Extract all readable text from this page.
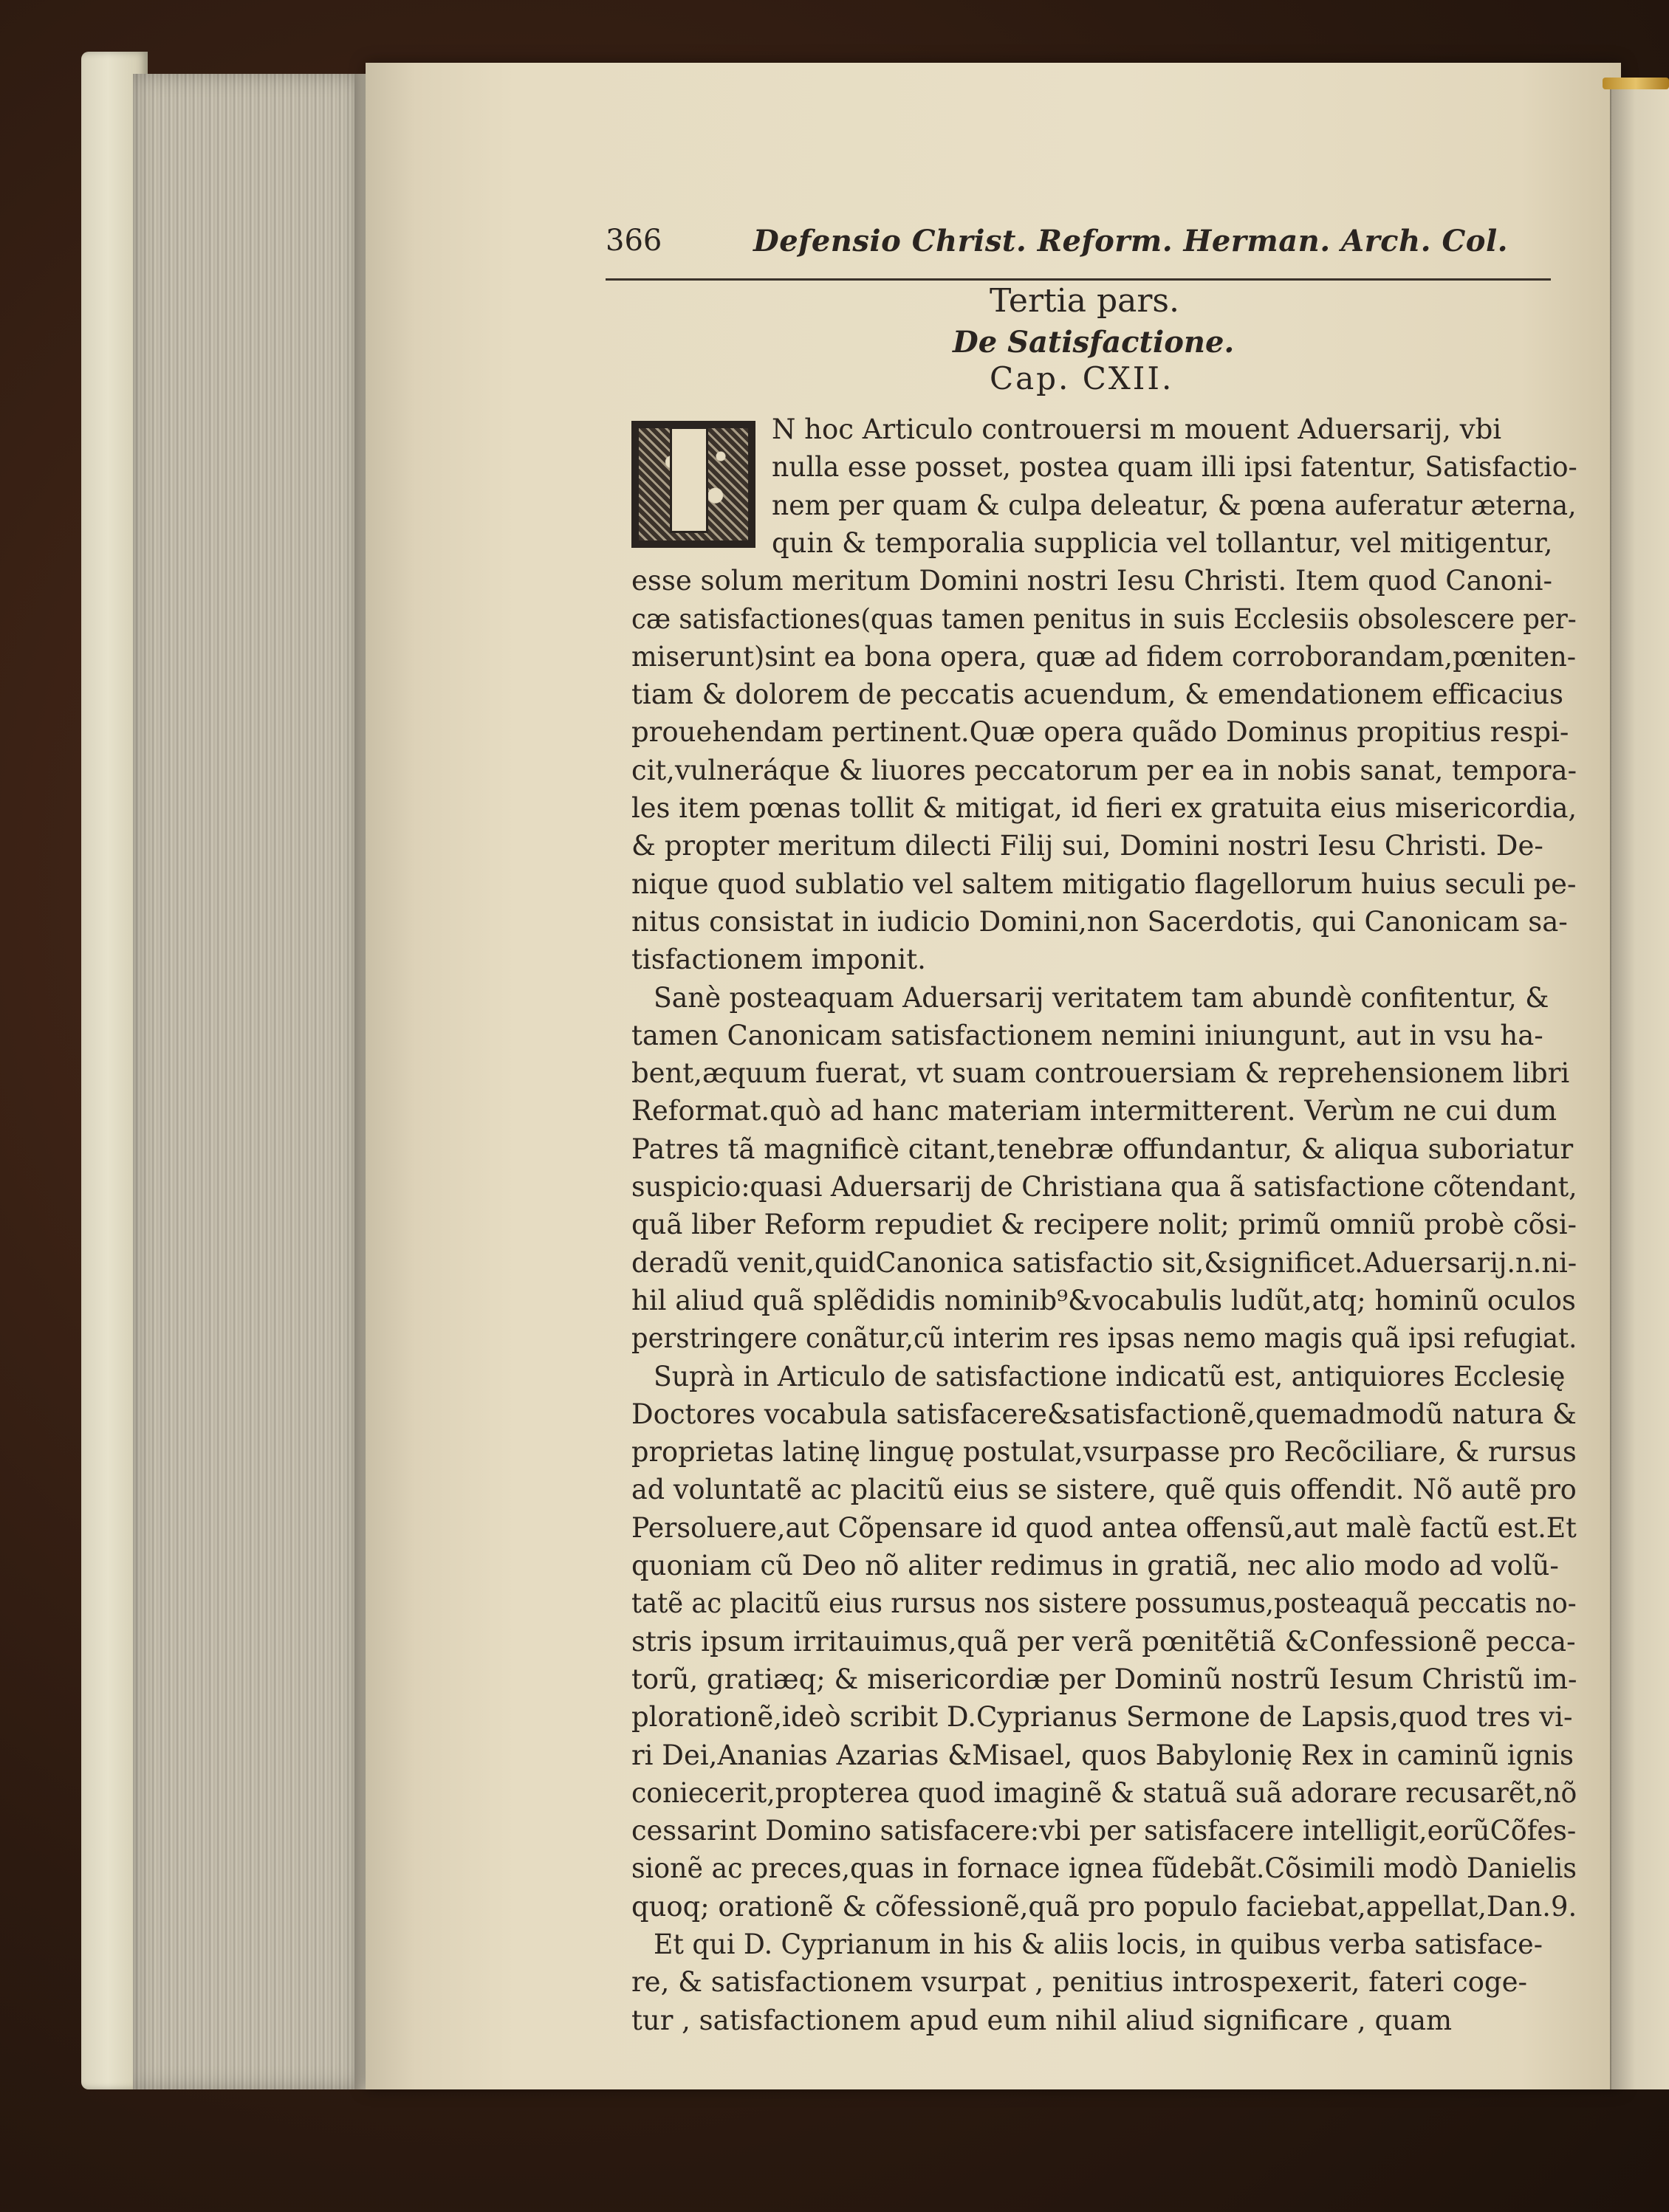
366	Defensio Christ. Reform. Herman. Arch. Col.
Tertia pars.
De Satisfactione.
Cap. CXII.
N hoc Articulo controuersi m mouent Aduersarij, vbi
nulla esse posset, postea quam illi ipsi fatentur, Satisfactio-
nem per quam & culpa deleatur, & pœna auferatur æterna,
quin & temporalia supplicia vel tollantur, vel mitigentur,
esse solum meritum Domini nostri Iesu Christi. Item quod Canoni-
cæ satisfactiones(quas tamen penitus in suis Ecclesiis obsolescere per-
miserunt)sint ea bona opera, quæ ad fidem corroborandam,pœniten-
tiam & dolorem de peccatis acuendum, & emendationem efficacius
prouehendam pertinent.Quæ opera quãdo Dominus propitius respi-
cit,vulneráque & liuores peccatorum per ea in nobis sanat, tempora-
les item pœnas tollit & mitigat, id fieri ex gratuita eius misericordia,
& propter meritum dilecti Filij sui, Domini nostri Iesu Christi. De-
nique quod sublatio vel saltem mitigatio flagellorum huius seculi pe-
nitus consistat in iudicio Domini,non Sacerdotis, qui Canonicam sa-
tisfactionem imponit.
Sanè posteaquam Aduersarij veritatem tam abundè confitentur, &
tamen Canonicam satisfactionem nemini iniungunt, aut in vsu ha-
bent,æquum fuerat, vt suam controuersiam & reprehensionem libri
Reformat.quò ad hanc materiam intermitterent. Verùm ne cui dum
Patres tã magnificè citant,tenebræ offundantur, & aliqua suboriatur
suspicio:quasi Aduersarij de Christiana qua ã satisfactione cõtendant,
quã liber Reform repudiet & recipere nolit; primũ omniũ probè cõsi-
deradũ venit,quidCanonica satisfactio sit,&significet.Aduersarij.n.ni-
hil aliud quã splẽdidis nominib⁹&vocabulis ludũt,atq; hominũ oculos
perstringere conãtur,cũ interim res ipsas nemo magis quã ipsi refugiat.
Suprà in Articulo de satisfactione indicatũ est, antiquiores Ecclesię
Doctores vocabula satisfacere&satisfactionẽ,quemadmodũ natura &
proprietas latinę linguę postulat,vsurpasse pro Recõciliare, & rursus
ad voluntatẽ ac placitũ eius se sistere, quẽ quis offendit. Nõ autẽ pro
Persoluere,aut Cõpensare id quod antea offensũ,aut malè factũ est.Et
quoniam cũ Deo nõ aliter redimus in gratiã, nec alio modo ad volũ-
tatẽ ac placitũ eius rursus nos sistere possumus,posteaquã peccatis no-
stris ipsum irritauimus,quã per verã pœnitẽtiã &Confessionẽ pecca-
torũ, gratiæq; & misericordiæ per Dominũ nostrũ Iesum Christũ im-
plorationẽ,ideò scribit D.Cyprianus Sermone de Lapsis,quod tres vi-
ri Dei,Ananias Azarias &Misael, quos Babylonię Rex in caminũ ignis
coniecerit,propterea quod imaginẽ & statuã suã adorare recusarẽt,nõ
cessarint Domino satisfacere:vbi per satisfacere intelligit,eorũCõfes-
sionẽ ac preces,quas in fornace ignea fũdebãt.Cõsimili modò Danielis
quoq; orationẽ & cõfessionẽ,quã pro populo faciebat,appellat,Dan.9.
Et qui D. Cyprianum in his & aliis locis, in quibus verba satisface-
re, & satisfactionem vsurpat , penitius introspexerit, fateri coge-
tur , satisfactionem apud eum nihil aliud significare , quam
